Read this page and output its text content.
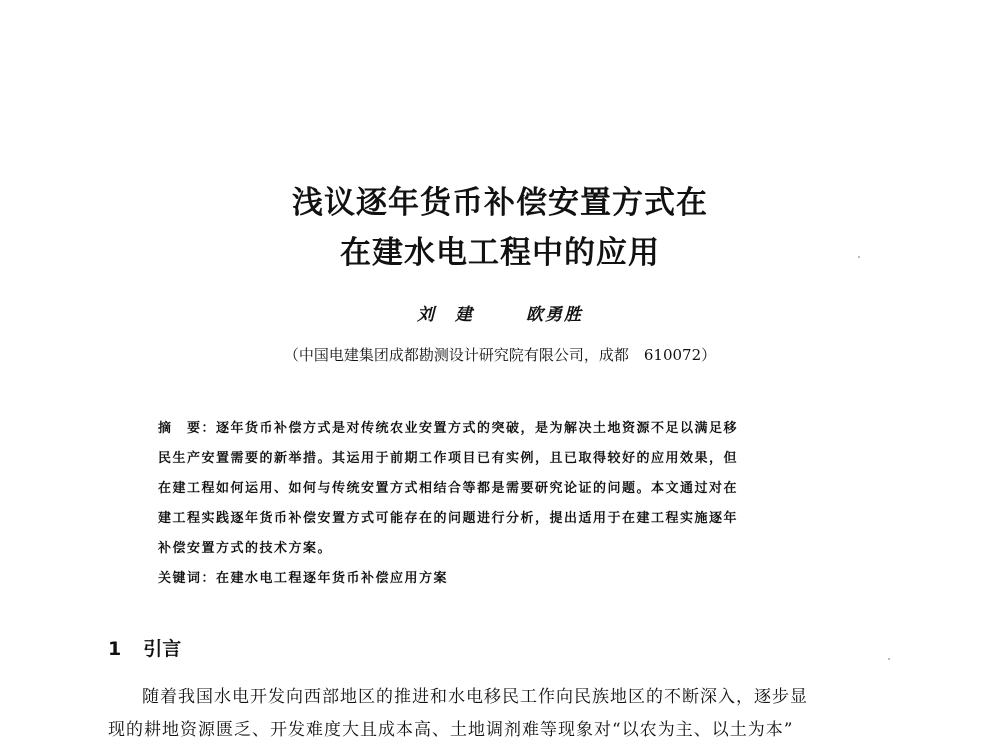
浅议逐年货币补偿安置方式在
在建水电工程中的应用
刘　建	欧勇胜
（中国电建集团成都勘测设计研究院有限公司，成都　610072）
摘　要：逐年货币补偿方式是对传统农业安置方式的突破，是为解决土地资源不足以满足移
民生产安置需要的新举措。其运用于前期工作项目已有实例，且已取得较好的应用效果，但
在建工程如何运用、如何与传统安置方式相结合等都是需要研究论证的问题。本文通过对在
建工程实践逐年货币补偿安置方式可能存在的问题进行分析，提出适用于在建工程实施逐年
补偿安置方式的技术方案。
关键词：在建水电工程逐年货币补偿应用方案
1 引言
随着我国水电开发向西部地区的推进和水电移民工作向民族地区的不断深入，逐步显
现的耕地资源匮乏、开发难度大且成本高、土地调剂难等现象对“以农为主、以土为本”
